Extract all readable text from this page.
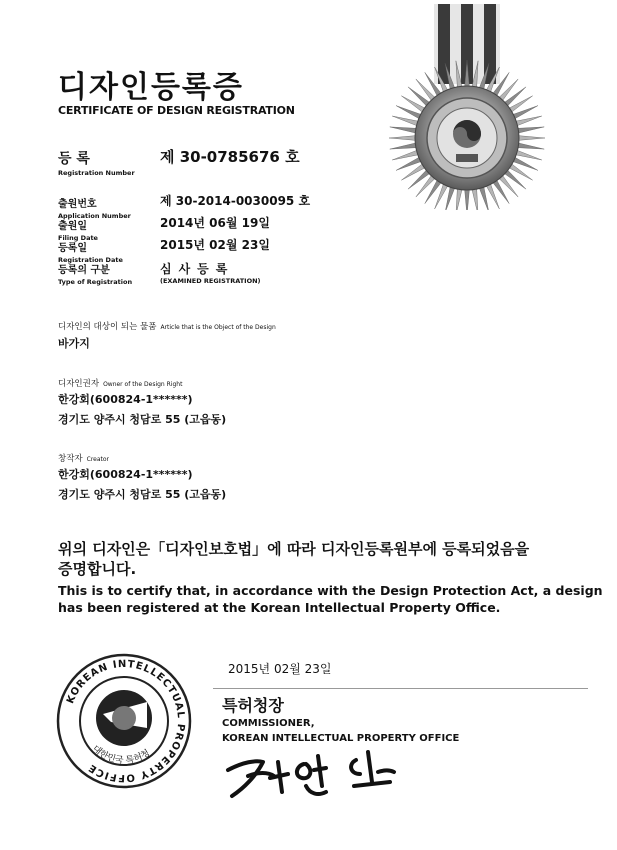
디자인등록증
CERTIFICATE OF DESIGN REGISTRATION
등 록
Registration Number
제 30-0785676 호
출원번호
Application Number
제 30-2014-0030095 호
출원일
Filing Date
2014년 06월 19일
등록일
Registration Date
2015년 02월 23일
등록의 구분
Type of Registration
심사등록
(EXAMINED REGISTRATION)
디자인의 대상이 되는 물품 Article that is the Object of the Design
바가지
디자인권자 Owner of the Design Right
한강회(600824-1******)
경기도 양주시 청담로 55 (고읍동)
창작자 Creator
한강회(600824-1******)
경기도 양주시 청담로 55 (고읍동)
위의 디자인은「디자인보호법」에 따라 디자인등록원부에 등록되었음을
증명합니다.
This is to certify that, in accordance with the Design Protection Act, a design
has been registered at the Korean Intellectual Property Office.
KOREAN INTELLECTUAL PROPERTY OFFICE
대한민국 특허청
2015년 02월 23일
특허청장
COMMISSIONER,
KOREAN INTELLECTUAL PROPERTY OFFICE
